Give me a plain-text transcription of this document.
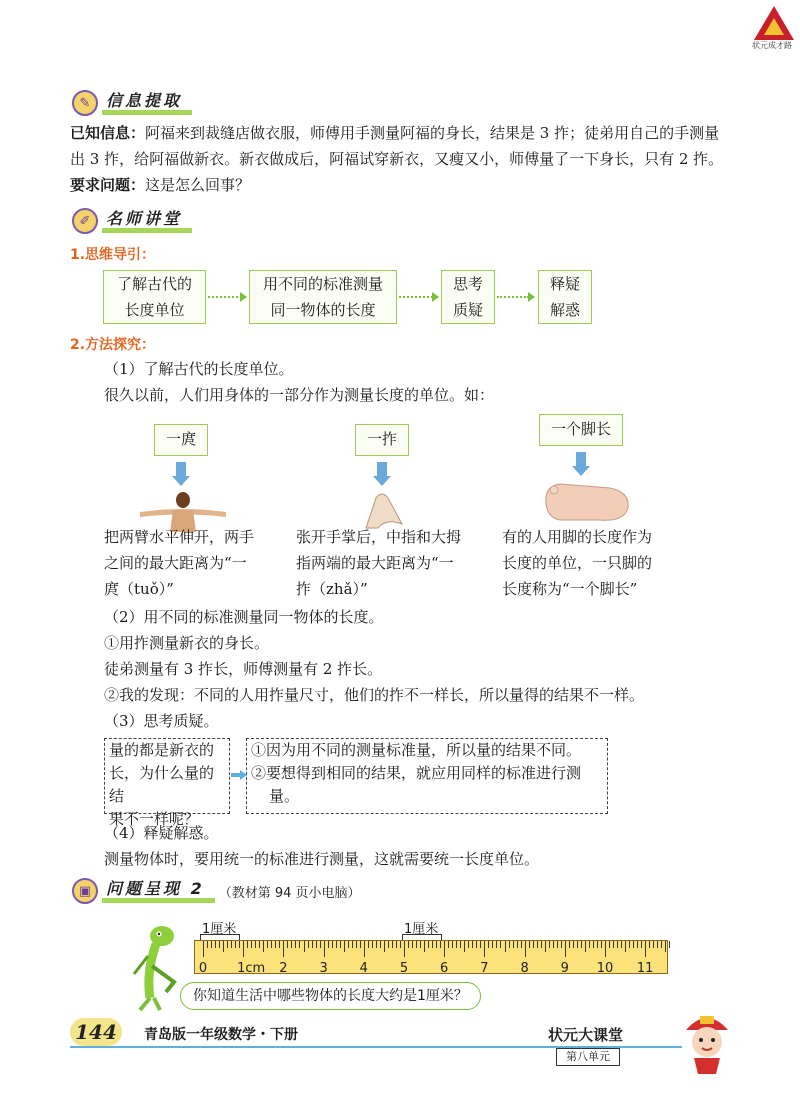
状元成才路
✎ 信息提取
已知信息：阿福来到裁缝店做衣服，师傅用手测量阿福的身长，结果是 3 拃；徒弟用自己的手测量
出 3 拃，给阿福做新衣。新衣做成后，阿福试穿新衣，又瘦又小，师傅量了一下身长，只有 2 拃。
要求问题：这是怎么回事？
✐ 名师讲堂
1.思维导引：
了解古代的
长度单位
用不同的标准测量
同一物体的长度
思考
质疑
释疑
解惑
2.方法探究：
（1）了解古代的长度单位。
很久以前，人们用身体的一部分作为测量长度的单位。如：
一庹
把两臂水平伸开，两手
之间的最大距离为“一
庹（tuǒ）”
一拃
张开手掌后，中指和大拇
指两端的最大距离为“一
拃（zhǎ）”
一个脚长
有的人用脚的长度作为
长度的单位，一只脚的
长度称为“一个脚长”
（2）用不同的标准测量同一物体的长度。
①用拃测量新衣的身长。
徒弟测量有 3 拃长，师傅测量有 2 拃长。
②我的发现：不同的人用拃量尺寸，他们的拃不一样长，所以量得的结果不一样。
（3）思考质疑。
量的都是新衣的
长，为什么量的结
果不一样呢？
①因为用不同的测量标准量，所以量的结果不同。
②要想得到相同的结果，就应用同样的标准进行测
量。
（4）释疑解惑。
测量物体时，要用统一的标准进行测量，这就需要统一长度单位。
▣ 问题呈现 2	（教材第 94 页小电脑）
1厘米	1厘米
0 1cm 2 3 4 5 6 7 8 9 10 11
你知道生活中哪些物体的长度大约是1厘米？
144	青岛版一年级数学・下册	状元大课堂
第八单元
